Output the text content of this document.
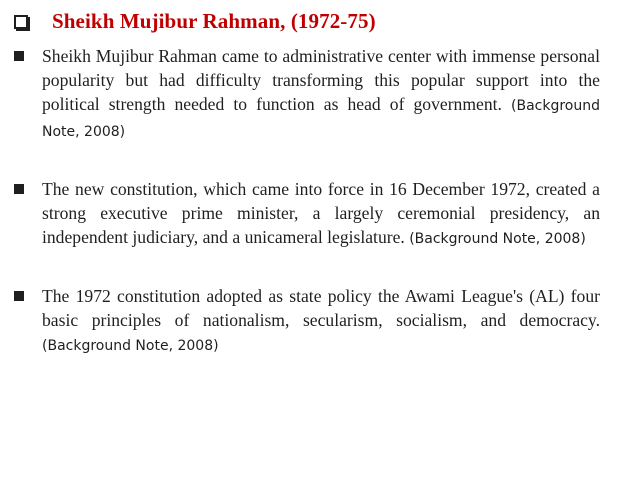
Sheikh Mujibur Rahman, (1972-75)
Sheikh Mujibur Rahman came to administrative center with immense personal popularity but had difficulty transforming this popular support into the political strength needed to function as head of government. (Background Note, 2008)
The new constitution, which came into force in 16 December 1972, created a strong executive prime minister, a largely ceremonial presidency, an independent judiciary, and a unicameral legislature. (Background Note, 2008)
The 1972 constitution adopted as state policy the Awami League's (AL) four basic principles of nationalism, secularism, socialism, and democracy. (Background Note, 2008)
